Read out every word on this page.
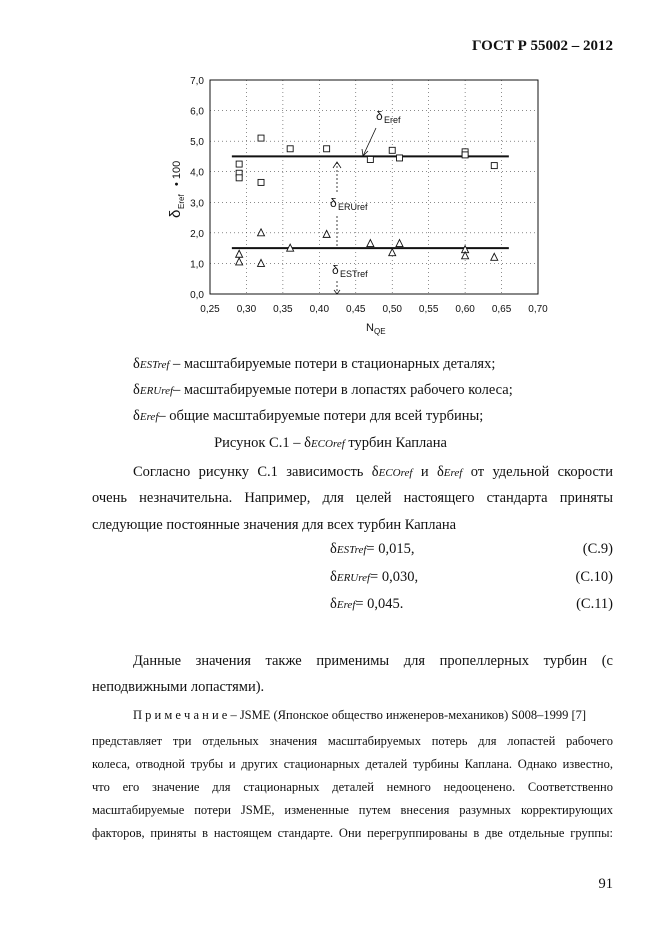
ГОСТ Р 55002 – 2012
0,0
1,0
2,0
3,0
4,0
5,0
6,0
7,0
0,25 0,30 0,35 0,40 0,45 0,50 0,55 0,60 0,65 0,70
δ Eref
δ ERUref
δ ESTref
N QE
δ
Eref
• 100
δESTref – масштабируемые потери в стационарных деталях;
δERUref– масштабируемые потери в лопастях рабочего колеса;
δEref– общие масштабируемые потери для всей турбины;
Рисунок С.1 – δECOref турбин Каплана
Согласно рисунку С.1 зависимость δECOref и δEref от удельной скорости
очень незначительна. Например, для целей настоящего стандарта приняты
следующие постоянные значения для всех турбин Каплана
δESTref= 0,015,	(С.9)
δERUref= 0,030,	(С.10)
δEref= 0,045.	(С.11)
Данные значения также применимы для пропеллерных турбин (с
неподвижными лопастями).
П р и м е ч а н и е – JSME (Японское общество инженеров-механиков) S008–1999 [7]
представляет три отдельных значения масштабируемых потерь для лопастей рабочего
колеса, отводной трубы и других стационарных деталей турбины Каплана. Однако известно,
что его значение для стационарных деталей немного недооценено. Соответственно
масштабируемые потери JSME, измененные путем внесения разумных корректирующих
факторов, приняты в настоящем стандарте. Они перегруппированы в две отдельные группы:
91
